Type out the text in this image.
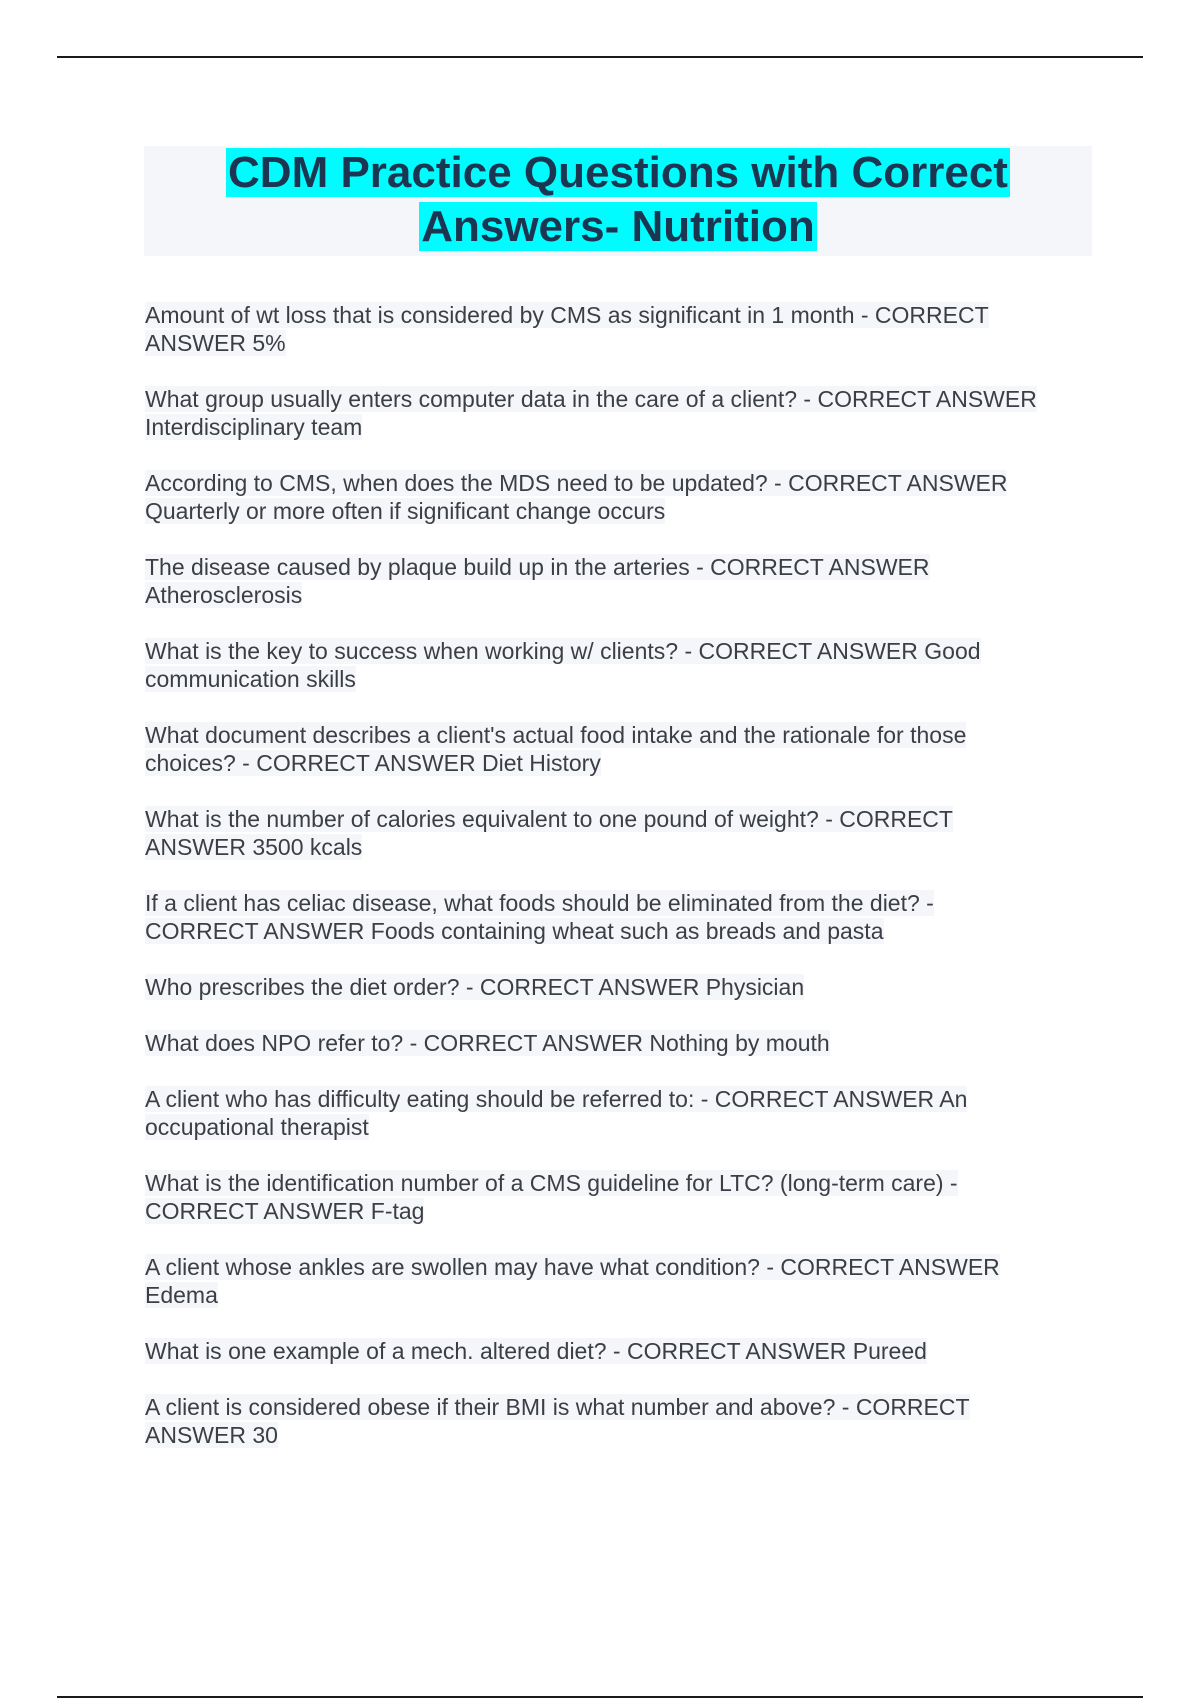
CDM Practice Questions with Correct
Answers- Nutrition
Amount of wt loss that is considered by CMS as significant in 1 month - CORRECT
ANSWER 5%
What group usually enters computer data in the care of a client? - CORRECT ANSWER
Interdisciplinary team
According to CMS, when does the MDS need to be updated? - CORRECT ANSWER
Quarterly or more often if significant change occurs
The disease caused by plaque build up in the arteries - CORRECT ANSWER
Atherosclerosis
What is the key to success when working w/ clients? - CORRECT ANSWER Good
communication skills
What document describes a client's actual food intake and the rationale for those
choices? - CORRECT ANSWER Diet History
What is the number of calories equivalent to one pound of weight? - CORRECT
ANSWER 3500 kcals
If a client has celiac disease, what foods should be eliminated from the diet? -
CORRECT ANSWER Foods containing wheat such as breads and pasta
Who prescribes the diet order? - CORRECT ANSWER Physician
What does NPO refer to? - CORRECT ANSWER Nothing by mouth
A client who has difficulty eating should be referred to: - CORRECT ANSWER An
occupational therapist
What is the identification number of a CMS guideline for LTC? (long-term care) -
CORRECT ANSWER F-tag
A client whose ankles are swollen may have what condition? - CORRECT ANSWER
Edema
What is one example of a mech. altered diet? - CORRECT ANSWER Pureed
A client is considered obese if their BMI is what number and above? - CORRECT
ANSWER 30
